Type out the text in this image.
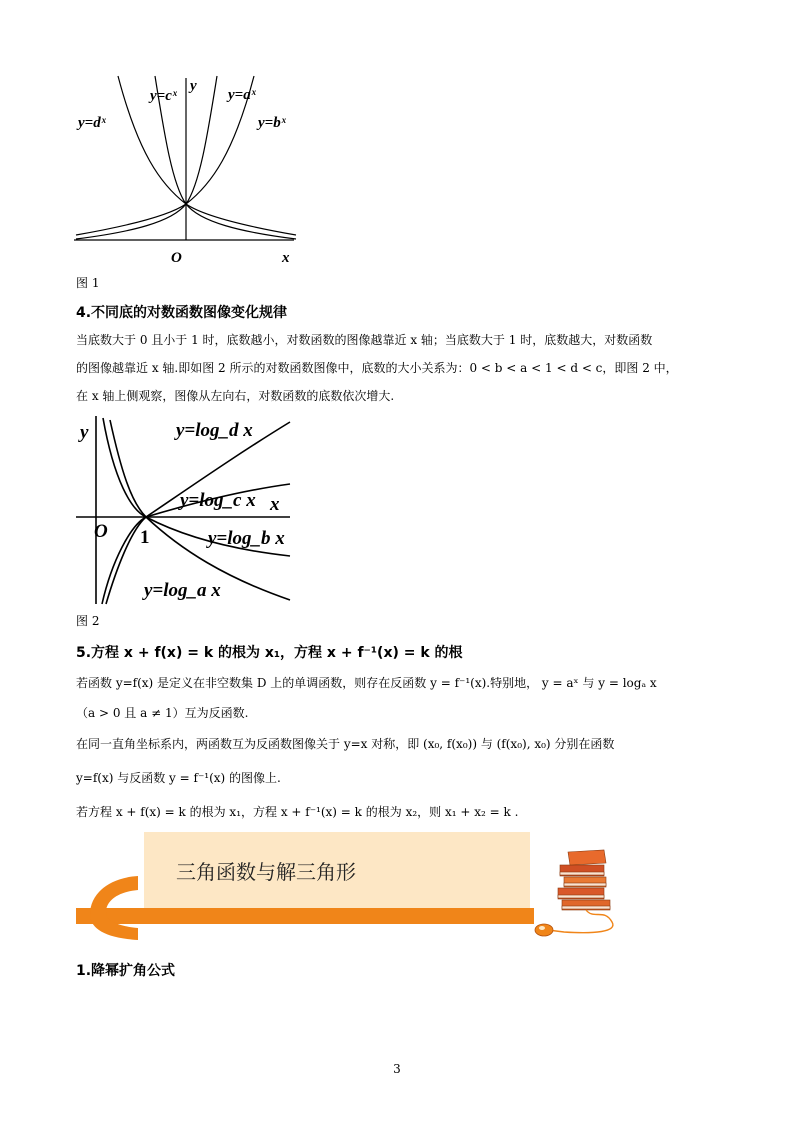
y=dˣ
y=cˣ
y
y=aˣ
y=bˣ
O	x
图 1
4.不同底的对数函数图像变化规律
当底数大于 0 且小于 1 时，底数越小，对数函数的图像越靠近 x 轴；当底数大于 1 时，底数越大，对数函数
的图像越靠近 x 轴.即如图 2 所示的对数函数图像中，底数的大小关系为：0 < b < a < 1 < d < c，即图 2 中，
在 x 轴上侧观察，图像从左向右，对数函数的底数依次增大.
y	y=log_d x
y=log_c x x
O 1	y=log_b x
y=log_a x
图 2
5.方程 x + f(x) = k 的根为 x₁，方程 x + f⁻¹(x) = k 的根
若函数 y=f(x) 是定义在非空数集 D 上的单调函数，则存在反函数 y = f⁻¹(x).特别地， y = aˣ 与 y = logₐ x
（a > 0 且 a ≠ 1）互为反函数.
在同一直角坐标系内，两函数互为反函数图像关于 y=x 对称，即 (x₀, f(x₀)) 与 (f(x₀), x₀) 分别在函数
y=f(x) 与反函数 y = f⁻¹(x) 的图像上.
若方程 x + f(x) = k 的根为 x₁，方程 x + f⁻¹(x) = k 的根为 x₂，则 x₁ + x₂ = k .
三角函数与解三角形
1.降幂扩角公式
3
